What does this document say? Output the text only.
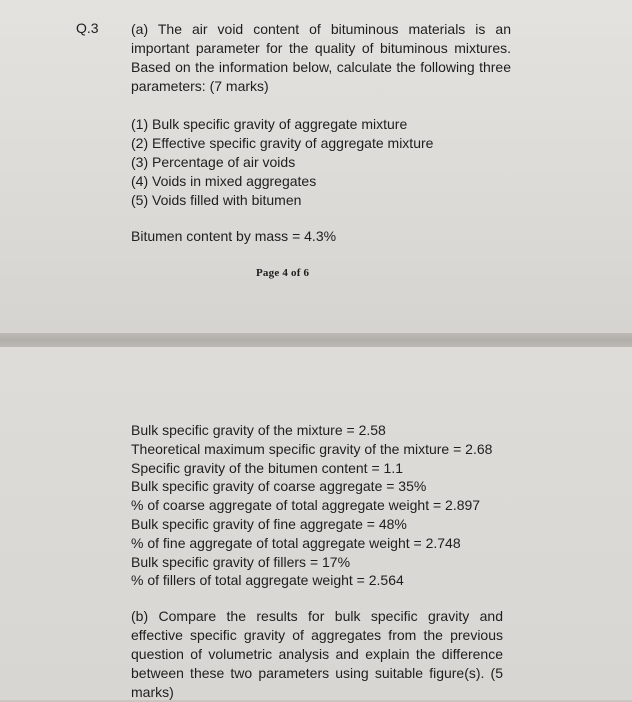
Q.3 (a) The air void content of bituminous materials is an important parameter for the quality of bituminous mixtures. Based on the information below, calculate the following three parameters: (7 marks)
(1) Bulk specific gravity of aggregate mixture
(2) Effective specific gravity of aggregate mixture
(3) Percentage of air voids
(4) Voids in mixed aggregates
(5) Voids filled with bitumen
Bitumen content by mass = 4.3%
Page 4 of 6
Bulk specific gravity of the mixture = 2.58
Theoretical maximum specific gravity of the mixture = 2.68
Specific gravity of the bitumen content = 1.1
Bulk specific gravity of coarse aggregate = 35%
% of coarse aggregate of total aggregate weight = 2.897
Bulk specific gravity of fine aggregate = 48%
% of fine aggregate of total aggregate weight = 2.748
Bulk specific gravity of fillers = 17%
% of fillers of total aggregate weight = 2.564
(b) Compare the results for bulk specific gravity and effective specific gravity of aggregates from the previous question of volumetric analysis and explain the difference between these two parameters using suitable figure(s). (5 marks)
